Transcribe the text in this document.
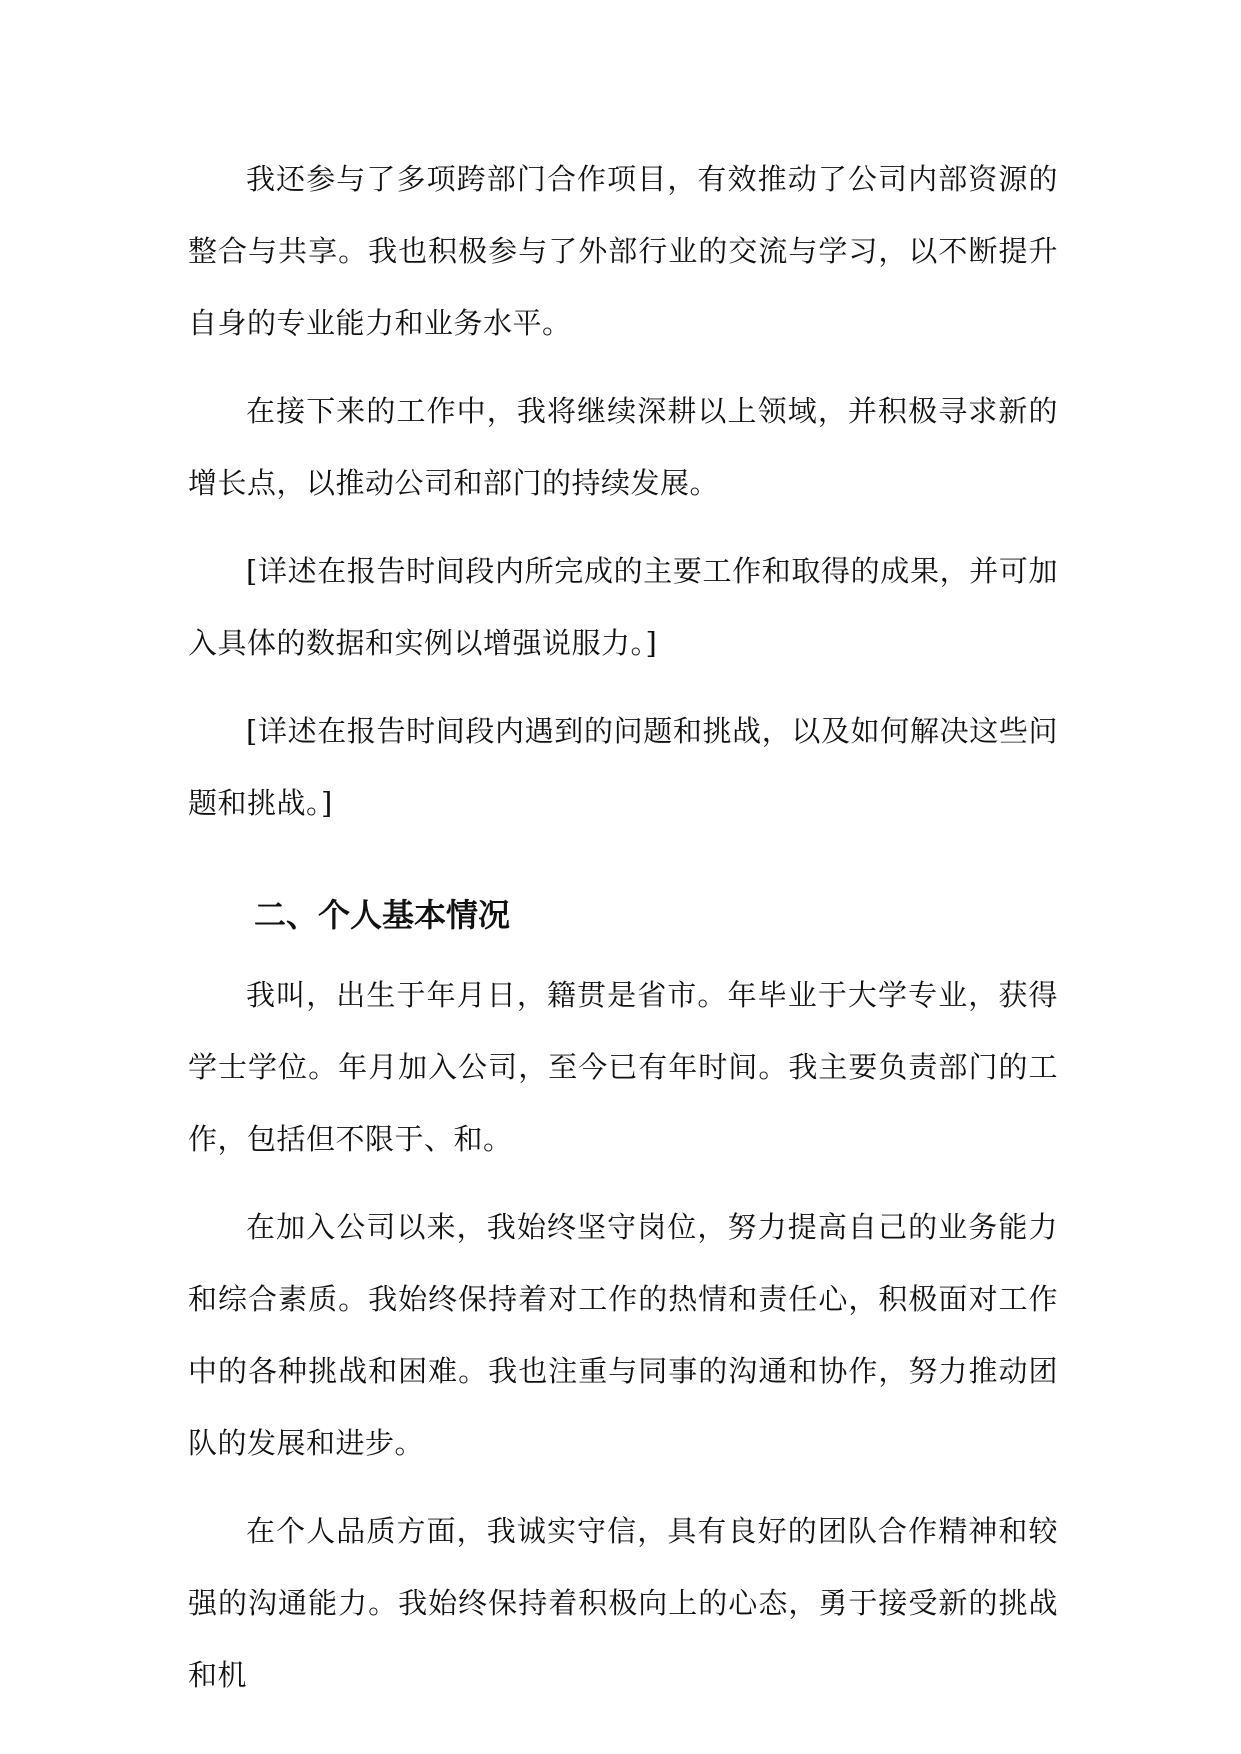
我还参与了多项跨部门合作项目，有效推动了公司内部资源的整合与共享。我也积极参与了外部行业的交流与学习，以不断提升自身的专业能力和业务水平。

在接下来的工作中，我将继续深耕以上领域，并积极寻求新的增长点，以推动公司和部门的持续发展。

[详述在报告时间段内所完成的主要工作和取得的成果，并可加入具体的数据和实例以增强说服力。]

[详述在报告时间段内遇到的问题和挑战，以及如何解决这些问题和挑战。]

二、个人基本情况

我叫，出生于年月日，籍贯是省市。年毕业于大学专业，获得学士学位。年月加入公司，至今已有年时间。我主要负责部门的工作，包括但不限于、和。

在加入公司以来，我始终坚守岗位，努力提高自己的业务能力和综合素质。我始终保持着对工作的热情和责任心，积极面对工作中的各种挑战和困难。我也注重与同事的沟通和协作，努力推动团队的发展和进步。

在个人品质方面，我诚实守信，具有良好的团队合作精神和较强的沟通能力。我始终保持着积极向上的心态，勇于接受新的挑战和机
